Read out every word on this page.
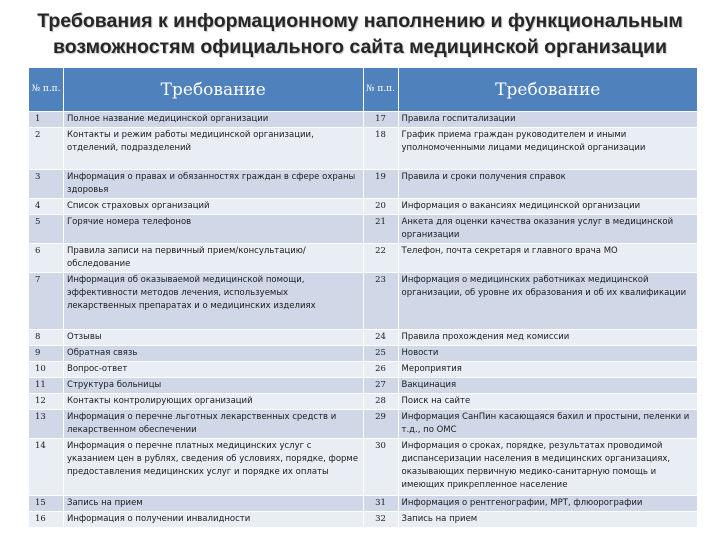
Требования к информационному наполнению и функциональным
возможностям официального сайта медицинской организации
№ п.п.	Требование	№ п.п.	Требование
1	Полное название медицинской организации	17	Правила госпитализации
2	Контакты и режим работы медицинской организации, отделений, подразделений	18	График приема граждан руководителем и иными уполномоченными лицами медицинской организации
3	Информация о правах и обязанностях граждан в сфере охраны здоровья	19	Правила и сроки получения справок
4	Список страховых организаций	20	Информация о вакансиях медицинской организации
5	Горячие номера телефонов	21	Анкета для оценки качества оказания услуг в медицинской организации
6	Правила записи на первичный прием/консультацию/обследование	22	Телефон, почта секретаря и главного врача МО
7	Информация об оказываемой медицинской помощи, эффективности методов лечения, используемых лекарственных препаратах и о медицинских изделиях	23	Информация о медицинских работниках медицинской организации, об уровне их образования и об их квалификации
8	Отзывы	24	Правила прохождения мед комиссии
9	Обратная связь	25	Новости
10	Вопрос-ответ	26	Мероприятия
11	Структура больницы	27	Вакцинация
12	Контакты контролирующих организаций	28	Поиск на сайте
13	Информация о перечне льготных лекарственных средств и лекарственном обеспечении	29	Информация СанПин касающаяся бахил и простыни, пеленки и т.д., по ОМС
14	Информация о перечне платных медицинских услуг с указанием цен в рублях, сведения об условиях, порядке, форме предоставления медицинских услуг и порядке их оплаты	30	Информация о сроках, порядке, результатах проводимой диспансеризации населения в медицинских организациях, оказывающих первичную медико-санитарную помощь и имеющих прикрепленное население
15	Запись на прием	31	Информация о рентгенографии, МРТ, флюорографии
16	Информация о получении инвалидности	32	Запись на прием
